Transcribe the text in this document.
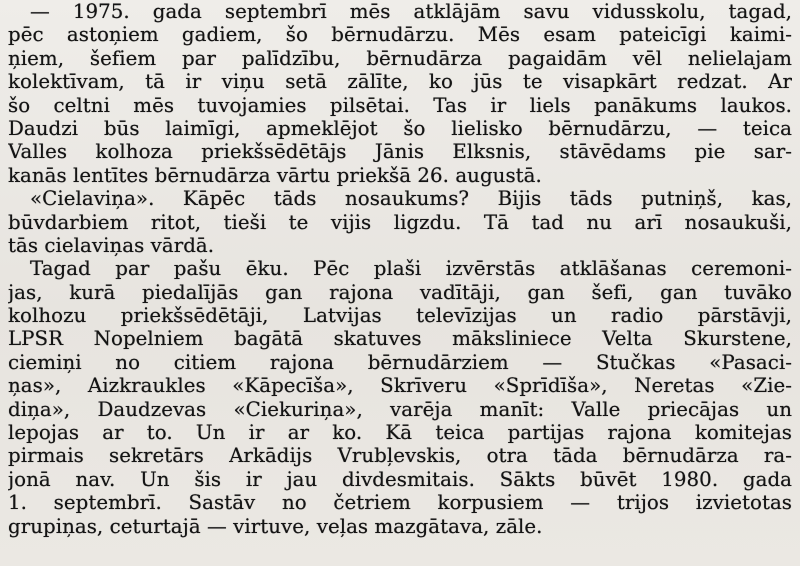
— 1975. gada septembrī mēs atklājām savu vidusskolu, tagad,
pēc astoņiem gadiem, šo bērnudārzu. Mēs esam pateicīgi kaimi-
ņiem, šefiem par palīdzību, bērnudārza pagaidām vēl nelielajam
kolektīvam, tā ir viņu setā zālīte, ko jūs te visapkārt redzat. Ar
šo celtni mēs tuvojamies pilsētai. Tas ir liels panākums laukos.
Daudzi būs laimīgi, apmeklējot šo lielisko bērnudārzu, — teica
Valles kolhoza priekšsēdētājs Jānis Elksnis, stāvēdams pie sar-
kanās lentītes bērnudārza vārtu priekšā 26. augustā.
«Cielaviņa». Kāpēc tāds nosaukums? Bijis tāds putniņš, kas,
būvdarbiem ritot, tieši te vijis ligzdu. Tā tad nu arī nosaukuši,
tās cielaviņas vārdā.
Tagad par pašu ēku. Pēc plaši izvērstās atklāšanas ceremoni-
jas, kurā piedalījās gan rajona vadītāji, gan šefi, gan tuvāko
kolhozu priekšsēdētāji, Latvijas televīzijas un radio pārstāvji,
LPSR Nopelniem bagātā skatuves māksliniece Velta Skurstene,
ciemiņi no citiem rajona bērnudārziem — Stučkas «Pasaci-
ņas», Aizkraukles «Kāpecīša», Skrīveru «Sprīdīša», Neretas «Zie-
diņa», Daudzevas «Ciekuriņa», varēja manīt: Valle priecājas un
lepojas ar to. Un ir ar ko. Kā teica partijas rajona komitejas
pirmais sekretārs Arkādijs Vrubļevskis, otra tāda bērnudārza ra-
jonā nav. Un šis ir jau divdesmitais. Sākts būvēt 1980. gada
1. septembrī. Sastāv no četriem korpusiem — trijos izvietotas
grupiņas, ceturtajā — virtuve, veļas mazgātava, zāle.
